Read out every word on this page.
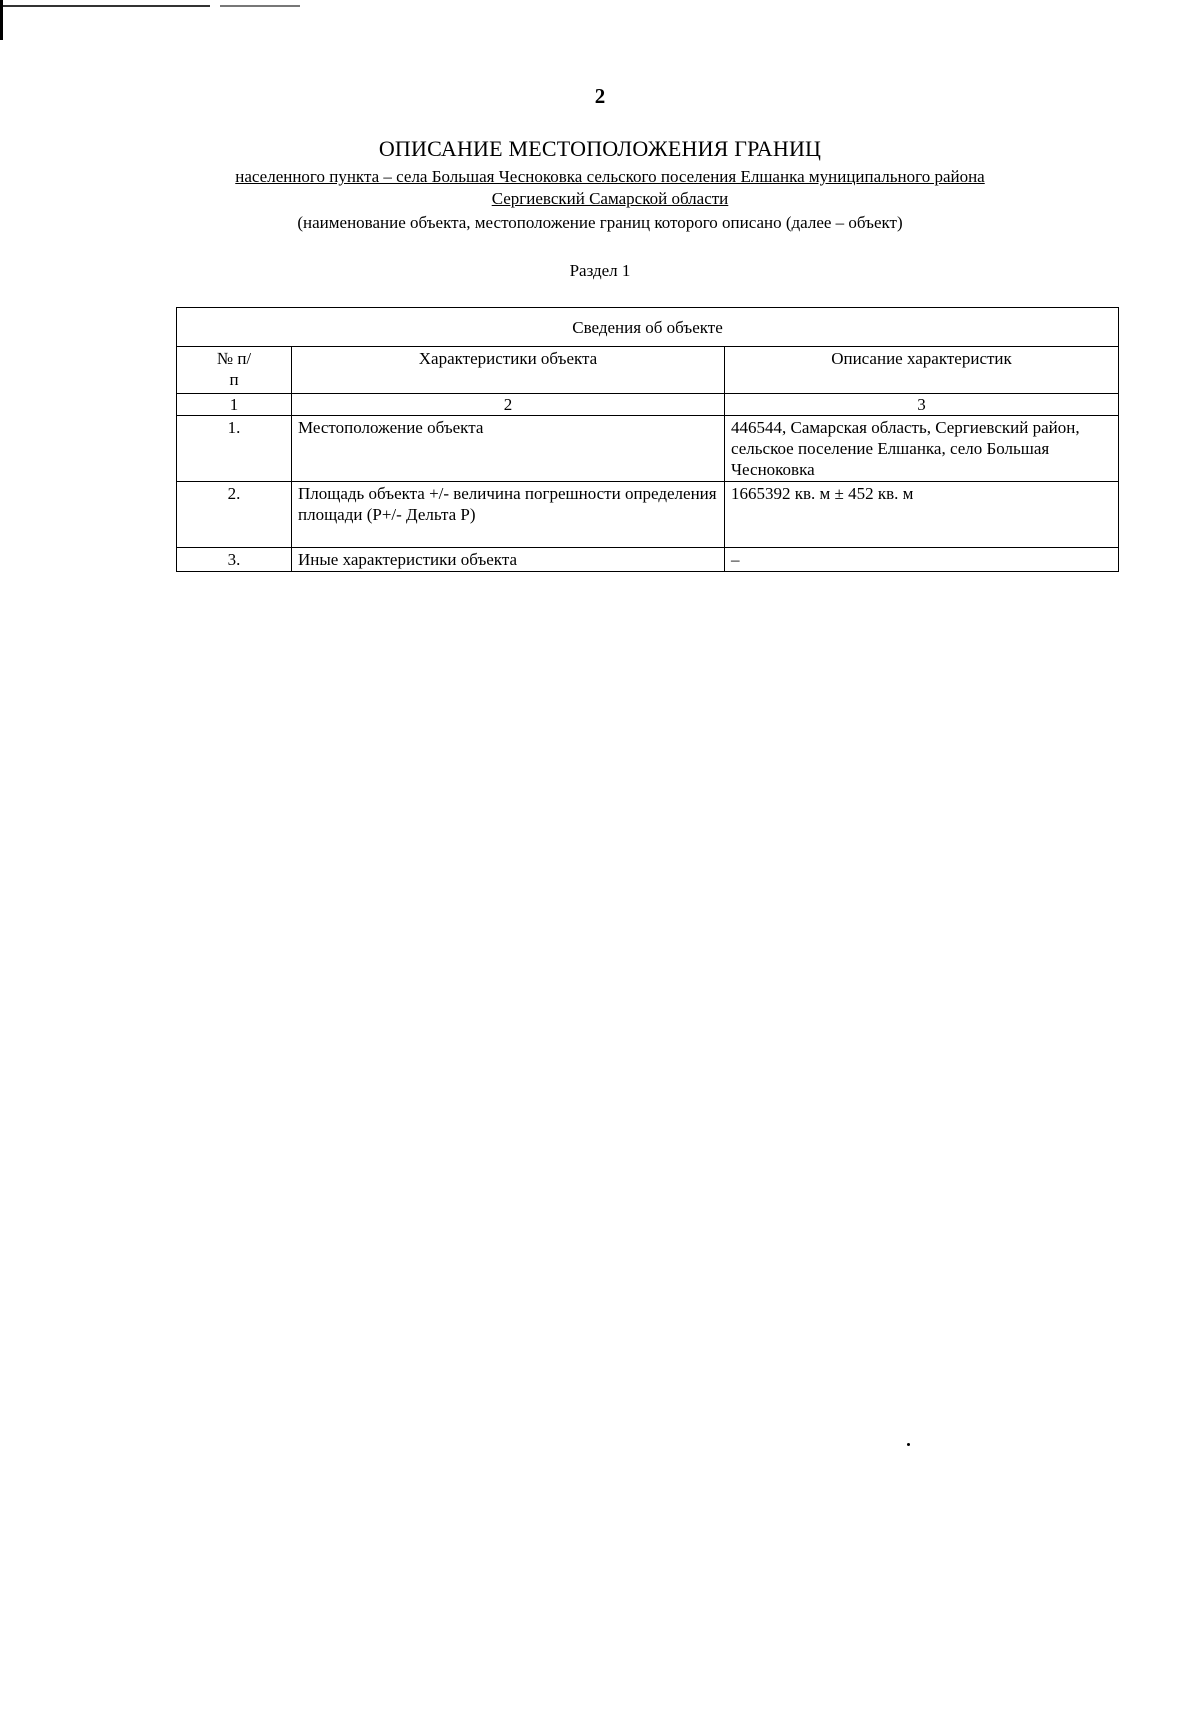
2
ОПИСАНИЕ МЕСТОПОЛОЖЕНИЯ ГРАНИЦ
населенного пункта – села Большая Чесноковка сельского поселения Елшанка муниципального района
Сергиевский Самарской области
(наименование объекта, местоположение границ которого описано (далее – объект)
Раздел 1
Сведения об объекте		
№ п/п	Характеристики объекта	Описание характеристик
1	2	3
1.	Местоположение объекта	446544, Самарская область, Сергиевский район, сельское поселение Елшанка, село Большая Чесноковка
2.	Площадь объекта +/- величина погрешности определения площади (P+/- Дельта P)	1665392 кв. м ± 452 кв. м
3.	Иные характеристики объекта	–
